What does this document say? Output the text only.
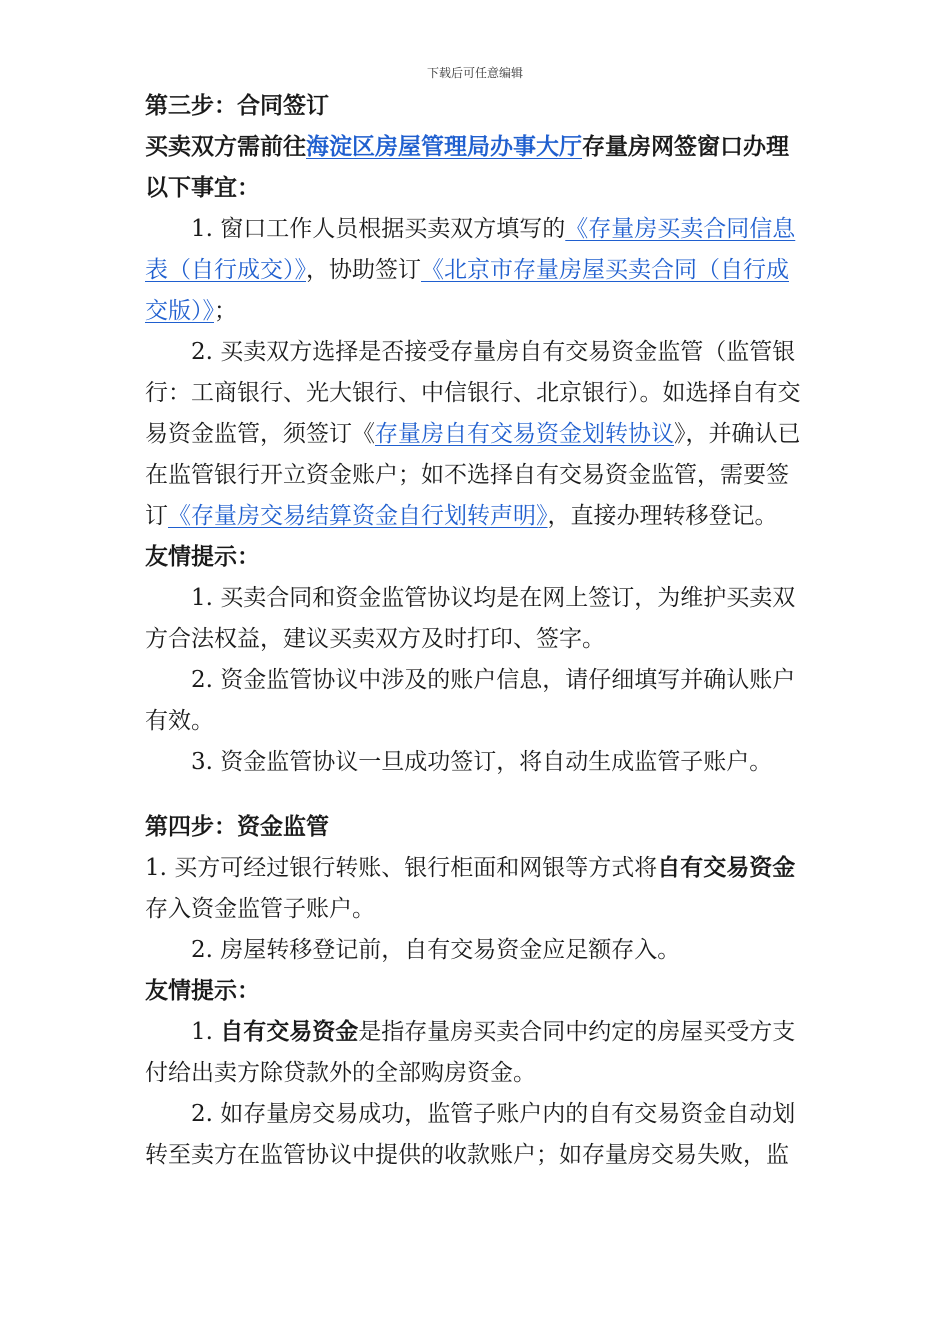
下载后可任意编辑

第三步：合同签订

买卖双方需前往海淀区房屋管理局办事大厅存量房网签窗口办理以下事宜：

1. 窗口工作人员根据买卖双方填写的《存量房买卖合同信息表（自行成交）》，协助签订《北京市存量房屋买卖合同（自行成交版）》；

2. 买卖双方选择是否接受存量房自有交易资金监管（监管银行：工商银行、光大银行、中信银行、北京银行）。如选择自有交易资金监管，须签订《存量房自有交易资金划转协议》，并确认已在监管银行开立资金账户；如不选择自有交易资金监管，需要签订《存量房交易结算资金自行划转声明》，直接办理转移登记。

友情提示：

1. 买卖合同和资金监管协议均是在网上签订，为维护买卖双方合法权益，建议买卖双方及时打印、签字。

2. 资金监管协议中涉及的账户信息，请仔细填写并确认账户有效。

3. 资金监管协议一旦成功签订，将自动生成监管子账户。

第四步：资金监管

1. 买方可经过银行转账、银行柜面和网银等方式将自有交易资金存入资金监管子账户。

2. 房屋转移登记前，自有交易资金应足额存入。

友情提示：

1. 自有交易资金是指存量房买卖合同中约定的房屋买受方支付给出卖方除贷款外的全部购房资金。

2. 如存量房交易成功，监管子账户内的自有交易资金自动划转至卖方在监管协议中提供的收款账户；如存量房交易失败，监
